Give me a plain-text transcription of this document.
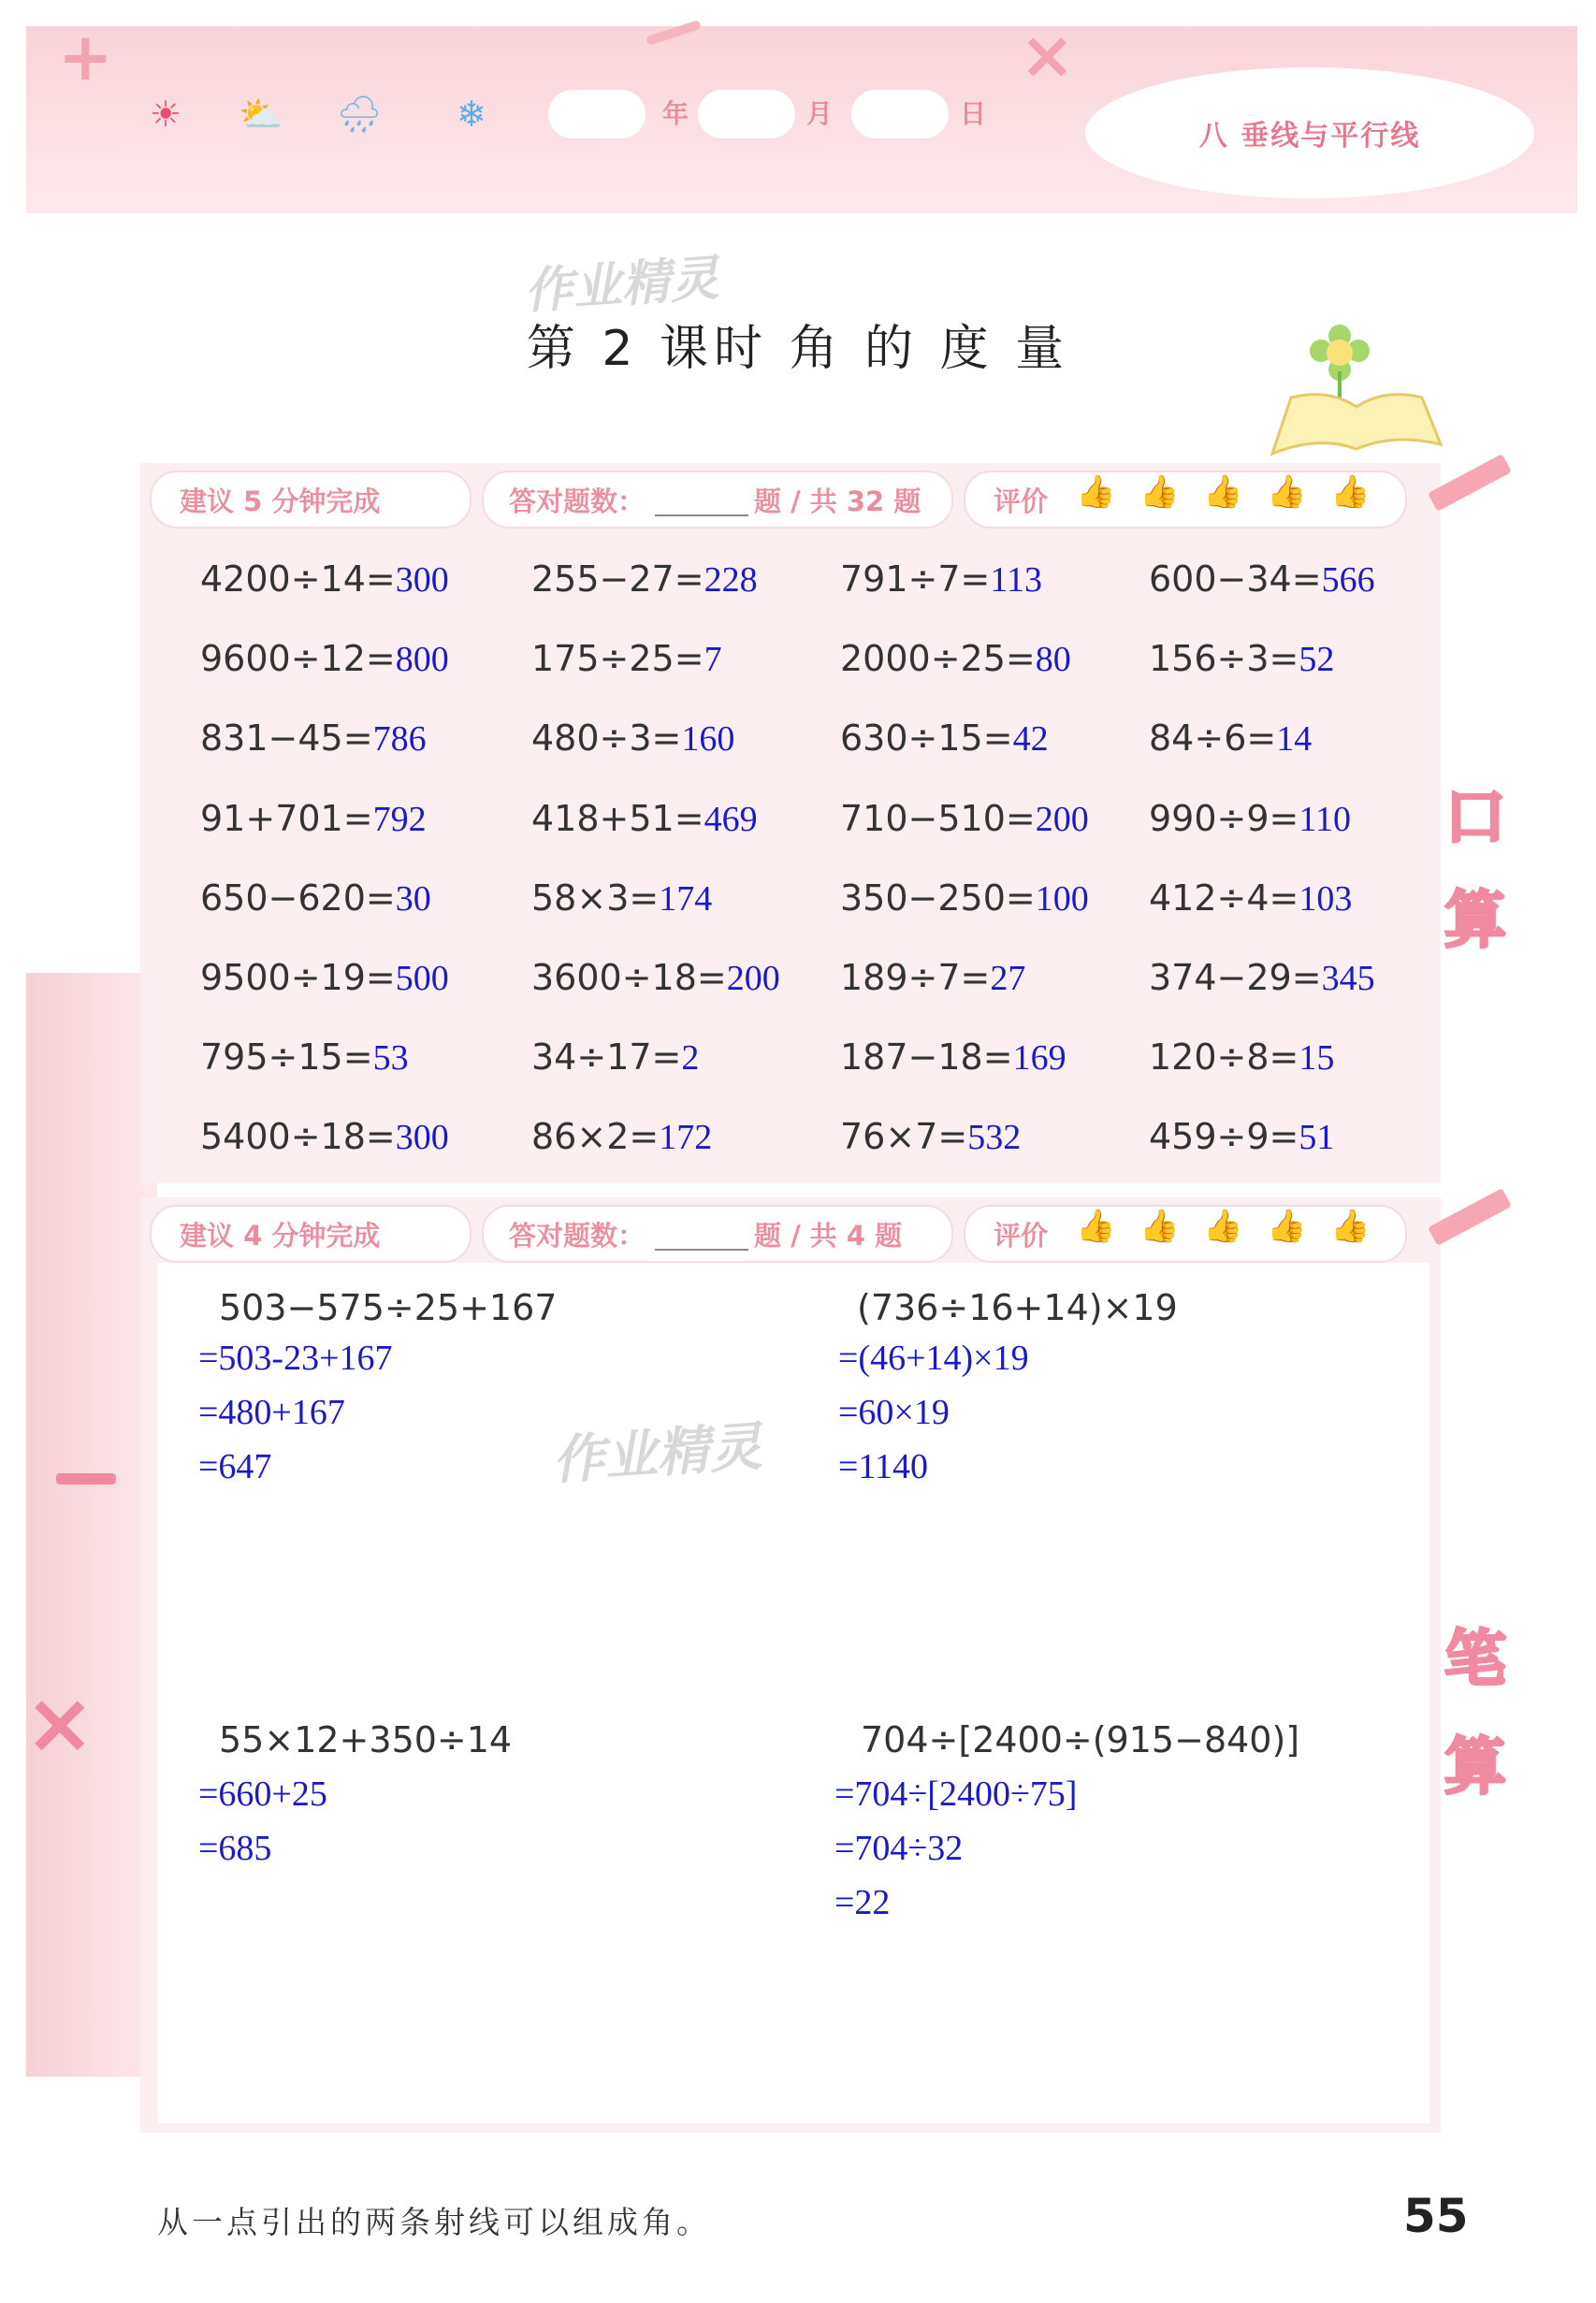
+	×
☀ ⛅ 🌧 ❄	年	月	日
八 垂线与平行线
×
作业精灵
第 2 课时 角 的 度 量
建议 5 分钟完成	答对题数：	题 / 共 32 题	评价 👍 👍 👍 👍 👍
4200÷14=300 255−27=228 791÷7=113	600−34=566
9600÷12=800 175÷25=7	2000÷25=80 156÷3=52
831−45=786	480÷3=160	630÷15=42	84÷6=14
91+701=792	418+51=469 710−510=200 990÷9=110
650−620=30	58×3=174	350−250=100 412÷4=103
9500÷19=500 3600÷18=200 189÷7=27	374−29=345
795÷15=53	34÷17=2	187−18=169 120÷8=15
5400÷18=300 86×2=172	76×7=532	459÷9=51
口
算
建议 4 分钟完成	答对题数：	题 / 共 4 题	评价 👍 👍 👍 👍 👍
作业精灵
503−575÷25+167
=503-23+167
=480+167
=647
(736÷16+14)×19
=(46+14)×19
=60×19
=1140
55×12+350÷14
=660+25
=685
704÷[2400÷(915−840)]
=704÷[2400÷75]
=704÷32
=22
笔
算
从一点引出的两条射线可以组成角。	55
